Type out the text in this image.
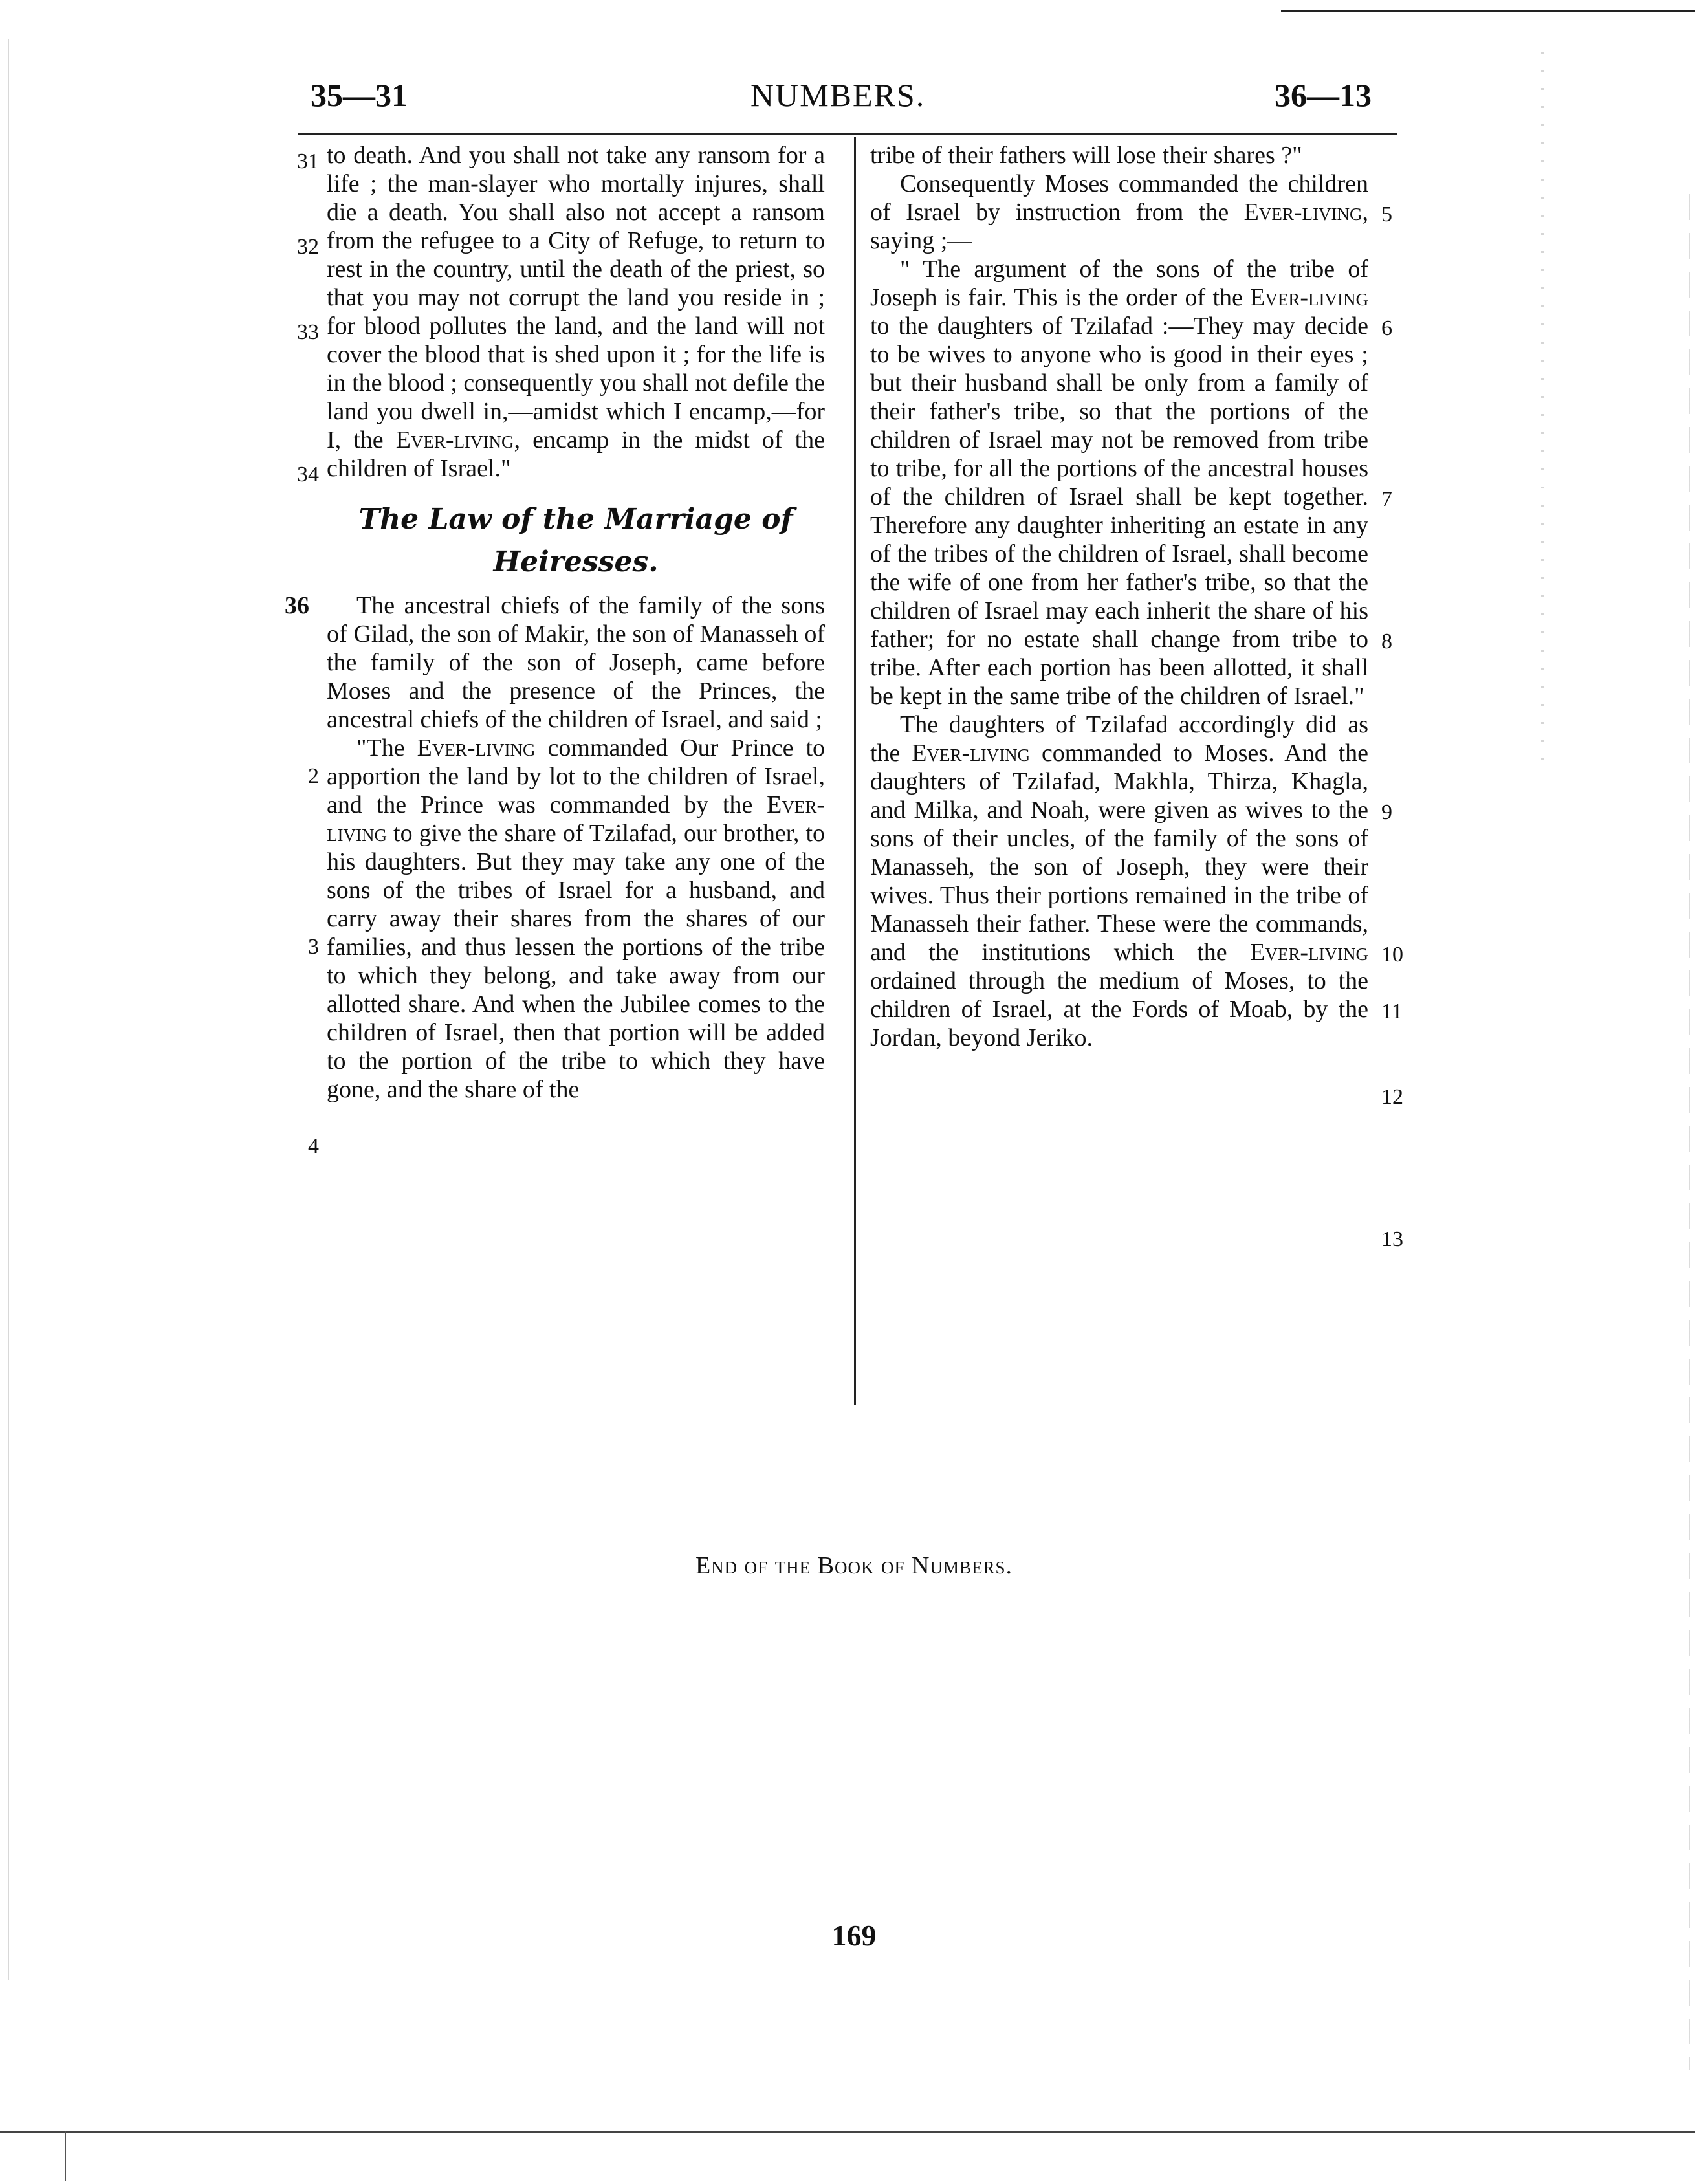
35—31	NUMBERS.	36—13
31
32
33
34

to death. And you shall not take any ransom for a life ; the man-slayer who mortally injures, shall die a death. You shall also not accept a ransom from the refugee to a City of Refuge, to return to rest in the country, until the death of the priest, so that you may not corrupt the land you reside in ; for blood pollutes the land, and the land will not cover the blood that is shed upon it ; for the life is in the blood ; consequently you shall not defile the land you dwell in,—amidst which I encamp,—for I, the Ever-living, encamp in the midst of the children of Israel."

The Law of the Marriage of Heiresses.
36
2
3
4

The ancestral chiefs of the family of the sons of Gilad, the son of Makir, the son of Manasseh of the family of the son of Joseph, came before Moses and the presence of the Princes, the ancestral chiefs of the children of Israel, and said ;

"The Ever-living commanded Our Prince to apportion the land by lot to the children of Israel, and the Prince was commanded by the Ever-living to give the share of Tzilafad, our brother, to his daughters. But they may take any one of the sons of the tribes of Israel for a husband, and carry away their shares from the shares of our families, and thus lessen the portions of the tribe to which they belong, and take away from our allotted share. And when the Jubilee comes to the children of Israel, then that portion will be added to the portion of the tribe to which they have gone, and the share of the

5
6
7
8
9
10
11
12
13

tribe of their fathers will lose their shares ?"

Consequently Moses commanded the children of Israel by instruction from the Ever-living, saying ;—

" The argument of the sons of the tribe of Joseph is fair. This is the order of the Ever-living to the daughters of Tzilafad :—They may decide to be wives to anyone who is good in their eyes ; but their husband shall be only from a family of their father's tribe, so that the portions of the children of Israel may not be removed from tribe to tribe, for all the portions of the ancestral houses of the children of Israel shall be kept together. Therefore any daughter inheriting an estate in any of the tribes of the children of Israel, shall become the wife of one from her father's tribe, so that the children of Israel may each inherit the share of his father; for no estate shall change from tribe to tribe. After each portion has been allotted, it shall be kept in the same tribe of the children of Israel."

The daughters of Tzilafad accordingly did as the Ever-living commanded to Moses. And the daughters of Tzilafad, Makhla, Thirza, Khagla, and Milka, and Noah, were given as wives to the sons of their uncles, of the family of the sons of Manasseh, the son of Joseph, they were their wives. Thus their portions remained in the tribe of Manasseh their father. These were the commands, and the institutions which the Ever-living ordained through the medium of Moses, to the children of Israel, at the Fords of Moab, by the Jordan, beyond Jeriko.

End of the Book of Numbers.
169
